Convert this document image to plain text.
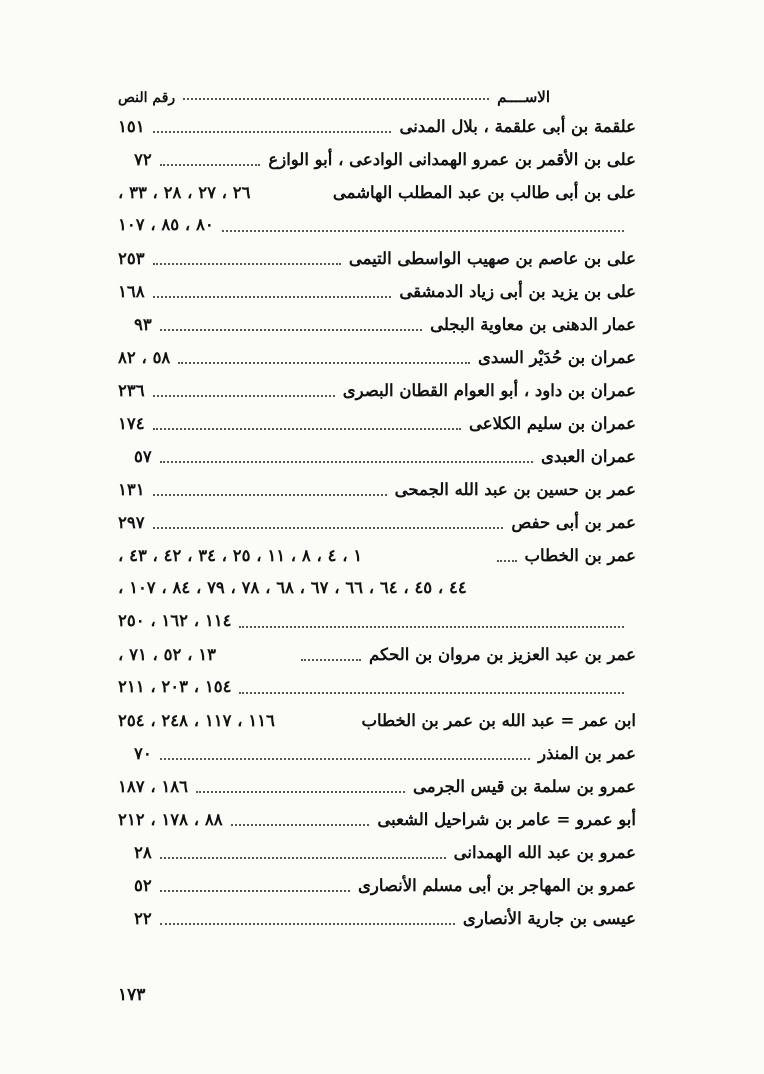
الاســــم
رقم النص
علقمة بن أبى علقمة ، بلال المدنى
١٥١
على بن الأقمر بن عمرو الهمدانى الوادعى ، أبو الوازع
٧٢
على بن أبى طالب بن عبد المطلب الهاشمى
٢٦ ، ٢٧ ، ٢٨ ، ٣٣ ،
٨٠ ، ٨٥ ، ١٠٧
على بن عاصم بن صهيب الواسطى التيمى
٢٥٣
على بن يزيد بن أبى زياد الدمشقى
١٦٨
عمار الدهنى بن معاوية البجلى
٩٣
عمران بن حُدَيْر السدى
٥٨ ، ٨٢
عمران بن داود ، أبو العوام القطان البصرى
٢٣٦
عمران بن سليم الكلاعى
١٧٤
عمران العبدى
٥٧
عمر بن حسين بن عبد الله الجمحى
١٣١
عمر بن أبى حفص
٢٩٧
عمر بن الخطاب
١ ، ٤ ، ٨ ، ١١ ، ٢٥ ، ٣٤ ، ٤٢ ، ٤٣ ،
٤٤ ، ٤٥ ، ٦٤ ، ٦٦ ، ٦٧ ، ٦٨ ، ٧٨ ، ٧٩ ، ٨٤ ، ١٠٧ ،
١١٤ ، ١٦٢ ، ٢٥٠
عمر بن عبد العزيز بن مروان بن الحكم
١٣ ، ٥٢ ، ٧١ ،
١٥٤ ، ٢٠٣ ، ٢١١
ابن عمر = عبد الله بن عمر بن الخطاب
١١٦ ، ١١٧ ، ٢٤٨ ، ٢٥٤
عمر بن المنذر
٧٠
عمرو بن سلمة بن قيس الجرمى
١٨٦ ، ١٨٧
أبو عمرو = عامر بن شراحيل الشعبى
٨٨ ، ١٧٨ ، ٢١٢
عمرو بن عبد الله الهمدانى
٢٨
عمرو بن المهاجر بن أبى مسلم الأنصارى
٥٢
عيسى بن جارية الأنصارى
٢٢
١٧٣
